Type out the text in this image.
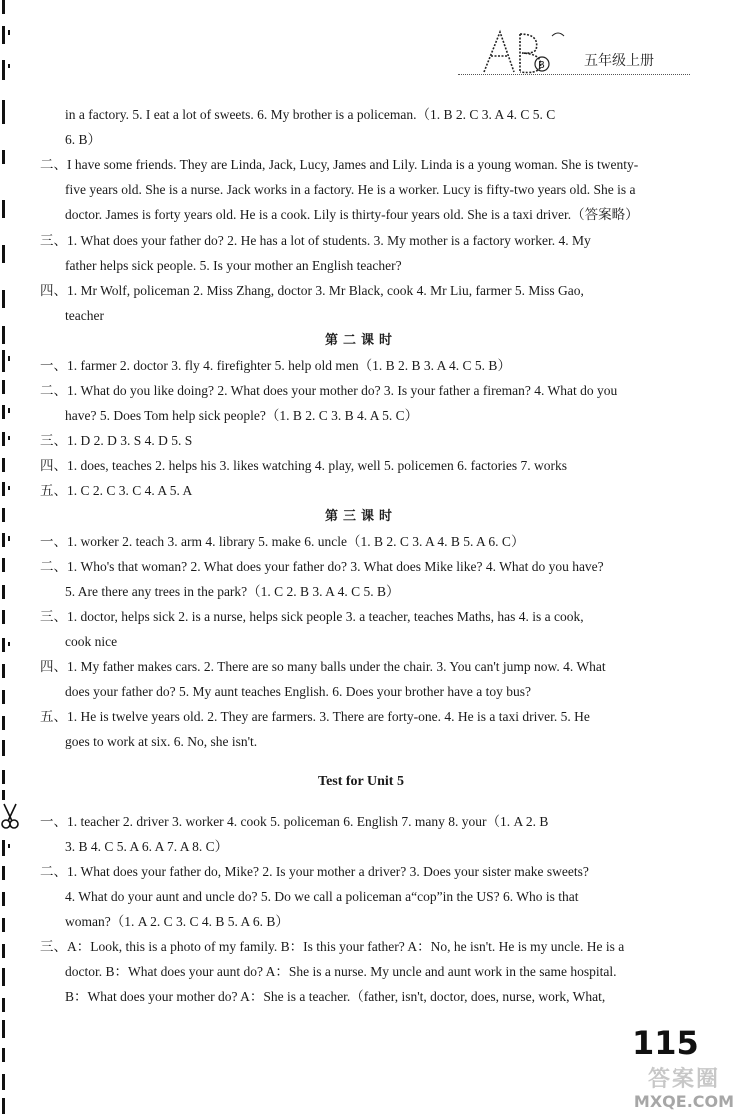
B	五年级上册
in a factory. 5. I eat a lot of sweets. 6. My brother is a policeman.（1. B 2. C 3. A 4. C 5. C
6. B）
二、I have some friends. They are Linda, Jack, Lucy, James and Lily. Linda is a young woman. She is twenty-
five years old. She is a nurse. Jack works in a factory. He is a worker. Lucy is fifty-two years old. She is a
doctor. James is forty years old. He is a cook. Lily is thirty-four years old. She is a taxi driver.（答案略）
三、1. What does your father do? 2. He has a lot of students. 3. My mother is a factory worker. 4. My
father helps sick people. 5. Is your mother an English teacher?
四、1. Mr Wolf, policeman 2. Miss Zhang, doctor 3. Mr Black, cook 4. Mr Liu, farmer 5. Miss Gao,
teacher
第二课时
一、1. farmer 2. doctor 3. fly 4. firefighter 5. help old men（1. B 2. B 3. A 4. C 5. B）
二、1. What do you like doing? 2. What does your mother do? 3. Is your father a fireman? 4. What do you
have? 5. Does Tom help sick people?（1. B 2. C 3. B 4. A 5. C）
三、1. D 2. D 3. S 4. D 5. S
四、1. does, teaches 2. helps his 3. likes watching 4. play, well 5. policemen 6. factories 7. works
五、1. C 2. C 3. C 4. A 5. A
第三课时
一、1. worker 2. teach 3. arm 4. library 5. make 6. uncle（1. B 2. C 3. A 4. B 5. A 6. C）
二、1. Who's that woman? 2. What does your father do? 3. What does Mike like? 4. What do you have?
5. Are there any trees in the park?（1. C 2. B 3. A 4. C 5. B）
三、1. doctor, helps sick 2. is a nurse, helps sick people 3. a teacher, teaches Maths, has 4. is a cook,
cook nice
四、1. My father makes cars. 2. There are so many balls under the chair. 3. You can't jump now. 4. What
does your father do? 5. My aunt teaches English. 6. Does your brother have a toy bus?
五、1. He is twelve years old. 2. They are farmers. 3. There are forty-one. 4. He is a taxi driver. 5. He
goes to work at six. 6. No, she isn't.
Test for Unit 5
一、1. teacher 2. driver 3. worker 4. cook 5. policeman 6. English 7. many 8. your（1. A 2. B
3. B 4. C 5. A 6. A 7. A 8. C）
二、1. What does your father do, Mike? 2. Is your mother a driver? 3. Does your sister make sweets?
4. What do your aunt and uncle do? 5. Do we call a policeman a“cop”in the US? 6. Who is that
woman?（1. A 2. C 3. C 4. B 5. A 6. B）
三、A：Look, this is a photo of my family. B：Is this your father? A：No, he isn't. He is my uncle. He is a
doctor. B：What does your aunt do? A：She is a nurse. My uncle and aunt work in the same hospital.
B：What does your mother do? A：She is a teacher.（father, isn't, doctor, does, nurse, work, What,
115
答案圈
MXQE.COM
